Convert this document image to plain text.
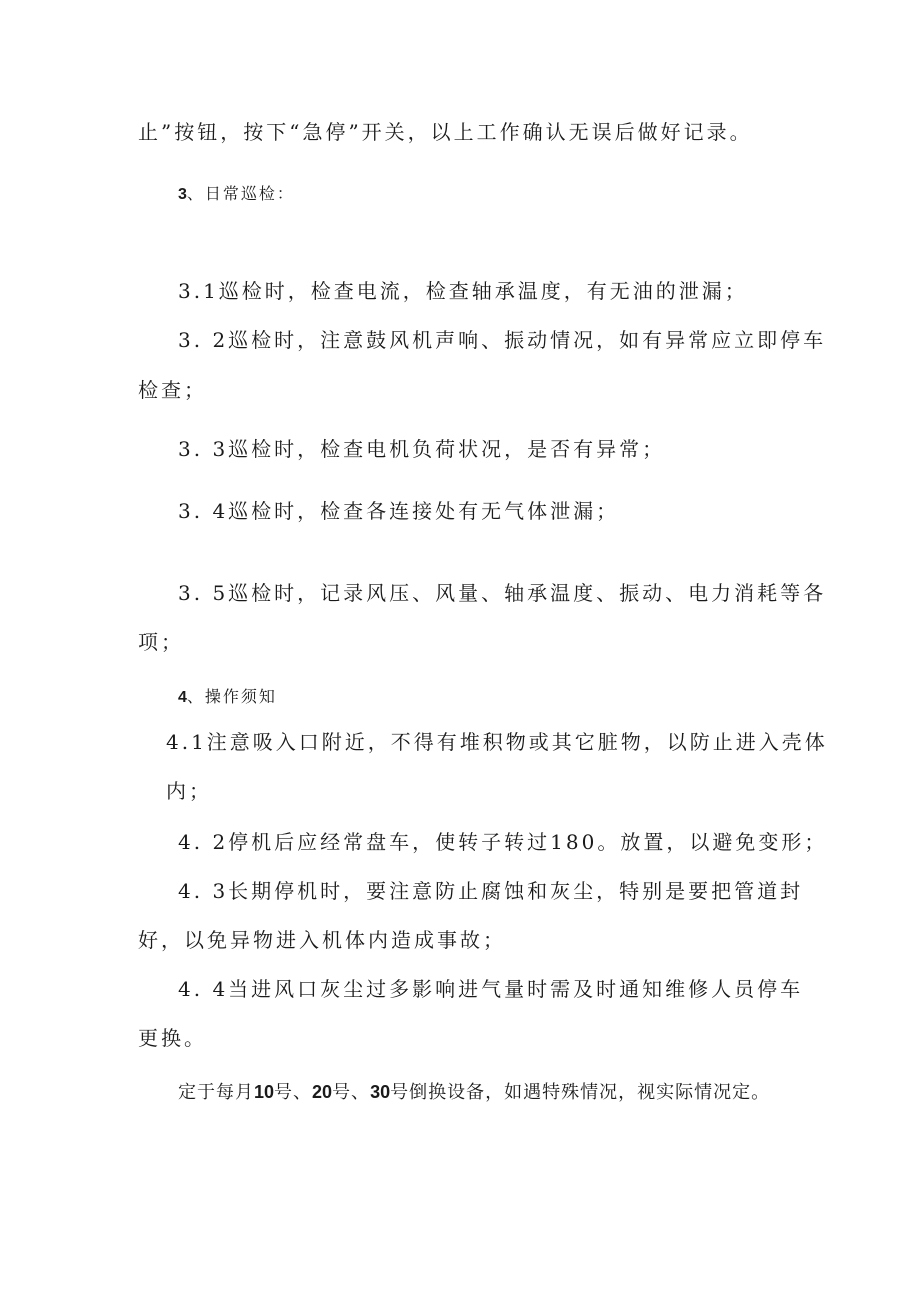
止”按钮，按下“急停”开关，以上工作确认无误后做好记录。
3、日常巡检：
3.1巡检时，检查电流，检查轴承温度，有无油的泄漏；
3. 2巡检时，注意鼓风机声响、振动情况，如有异常应立即停车
检查；
3. 3巡检时，检查电机负荷状况，是否有异常；
3. 4巡检时，检查各连接处有无气体泄漏；
3. 5巡检时，记录风压、风量、轴承温度、振动、电力消耗等各
项；
4、操作须知
4.1注意吸入口附近，不得有堆积物或其它脏物，以防止进入壳体
内；
4. 2停机后应经常盘车，使转子转过180。放置，以避免变形；
4. 3长期停机时，要注意防止腐蚀和灰尘，特别是要把管道封
好，以免异物进入机体内造成事故；
4. 4当进风口灰尘过多影响进气量时需及时通知维修人员停车
更换。
定于每月10号、20号、30号倒换设备，如遇特殊情况，视实际情况定。
